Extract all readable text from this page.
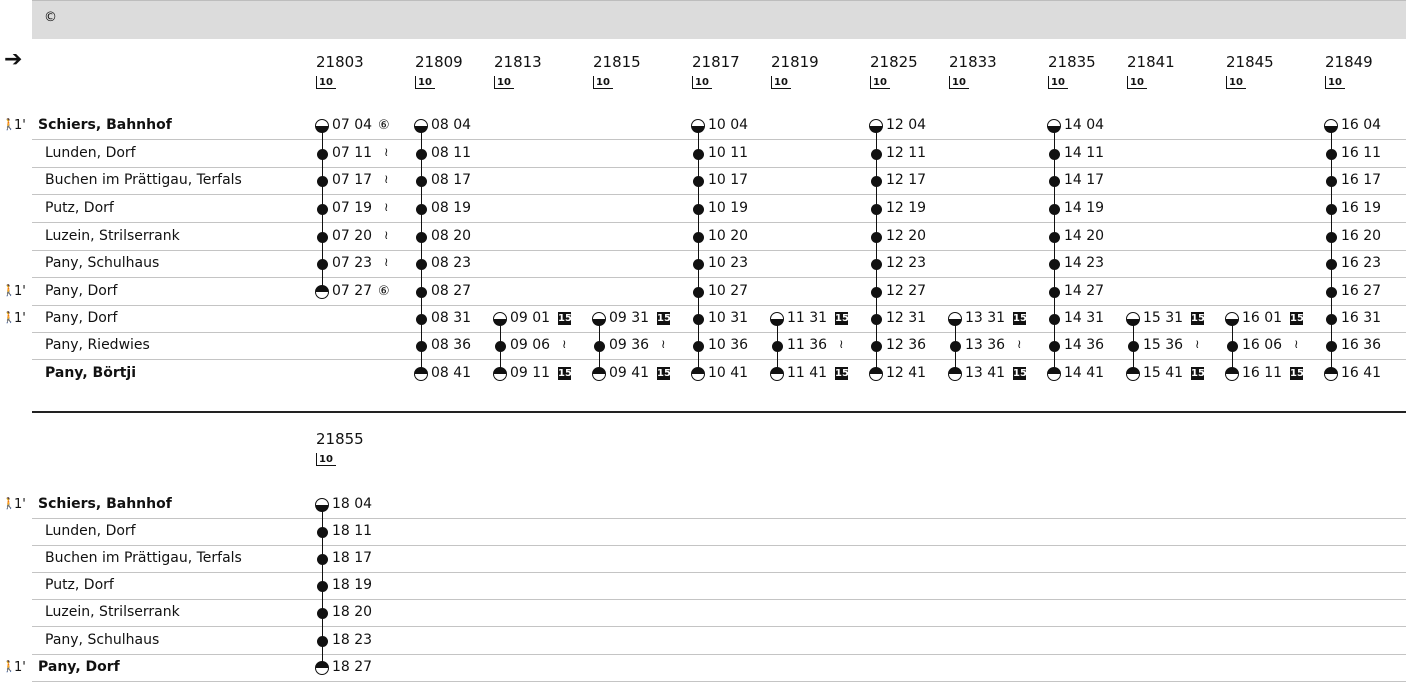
©
➔	21803
10
21809
10
21813
10
21815
10
21817
10
21819
10
21825
10
21833
10
21835
10
21841
10
21845
10
21849
10
🚶
1' Schiers, Bahnhof
Lunden, Dorf
Buchen im Prättigau, Terfals
Putz, Dorf
Luzein, Strilserrank
Pany, Schulhaus
🚶
1' Pany, Dorf
🚶
1' Pany, Dorf
Pany, Riedwies
Pany, Börtji
07 04 ⑥
07 11 ≀
07 17 ≀
07 19 ≀
07 20 ≀
07 23 ≀
07 27 ⑥
08 04
08 11
08 17
08 19
08 20
08 23
08 27
08 31
08 36
08 41
09 01 15
09 06 ≀
09 11 15
09 31 15
09 36 ≀
09 41 15
10 04
10 11
10 17
10 19
10 20
10 23
10 27
10 31
10 36
10 41
11 31 15
11 36 ≀
11 41 15
12 04
12 11
12 17
12 19
12 20
12 23
12 27
12 31
12 36
12 41
13 31 15
13 36 ≀
13 41 15
14 04
14 11
14 17
14 19
14 20
14 23
14 27
14 31
14 36
14 41
15 31 15
15 36 ≀
15 41 15
16 01 15
16 06 ≀
16 11 15
16 04
16 11
16 17
16 19
16 20
16 23
16 27
16 31
16 36
16 41
21855
10
🚶
1' Schiers, Bahnhof
Lunden, Dorf
Buchen im Prättigau, Terfals
Putz, Dorf
Luzein, Strilserrank
Pany, Schulhaus
🚶
1' Pany, Dorf
18 04
18 11
18 17
18 19
18 20
18 23
18 27
